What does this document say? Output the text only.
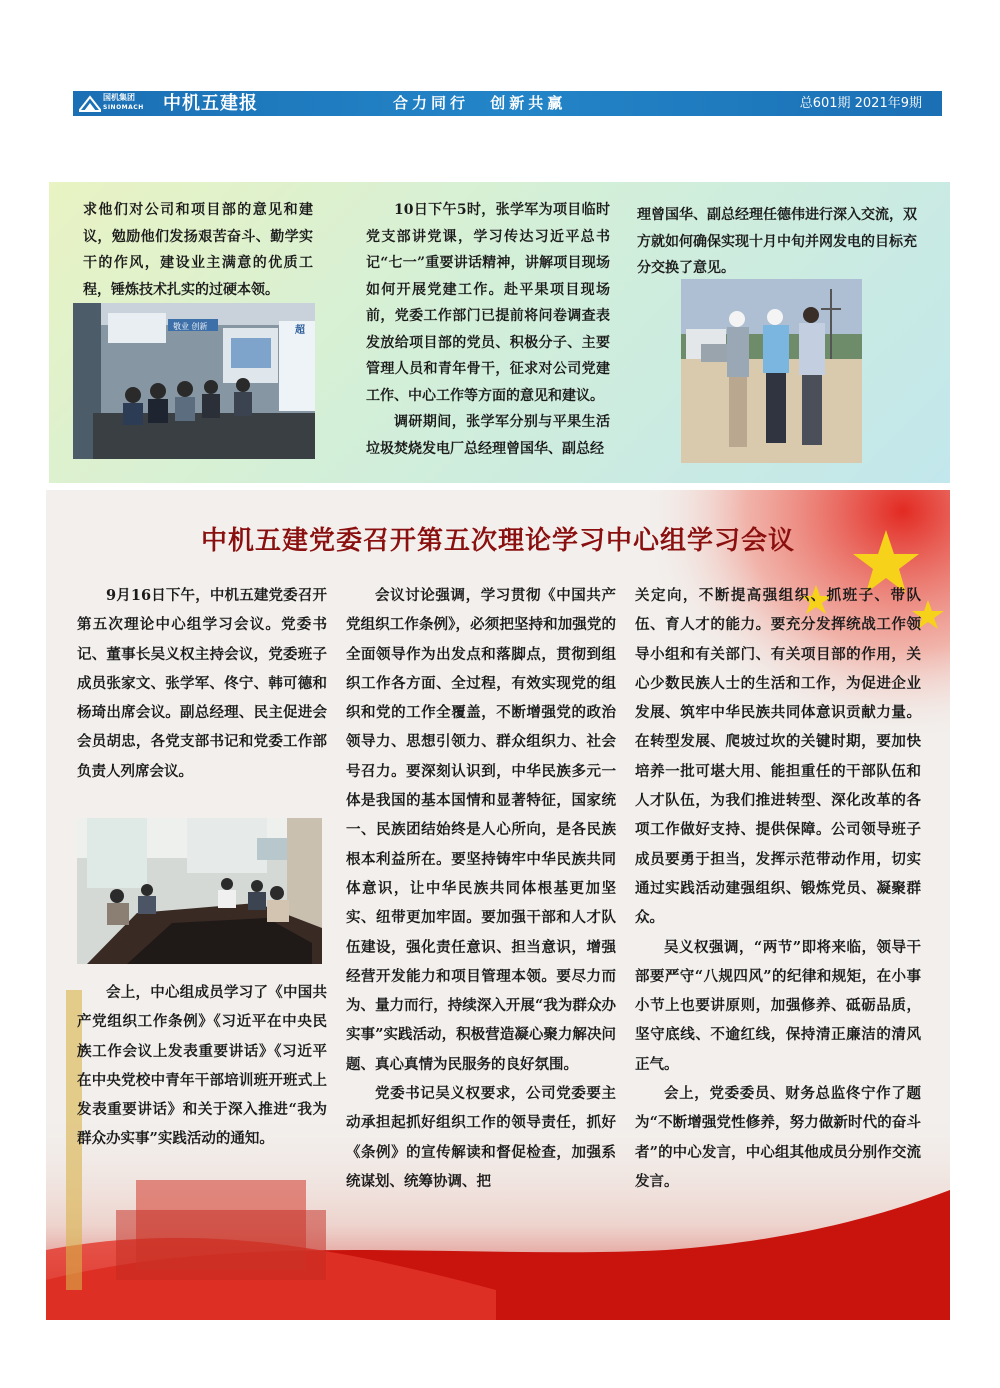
国机集团
SINOMACH 中机五建报	合力同行 创新共赢	总601期 2021年9期

求他们对公司和项目部的意见和建议，勉励他们发扬艰苦奋斗、勤学实干的作风，建设业主满意的优质工程，锤炼技术扎实的过硬本领。

敬业 创新	超

10日下午5时，张学军为项目临时党支部讲党课，学习传达习近平总书记“七一”重要讲话精神，讲解项目现场如何开展党建工作。赴平果项目现场前，党委工作部门已提前将问卷调查表发放给项目部的党员、积极分子、主要管理人员和青年骨干，征求对公司党建工作、中心工作等方面的意见和建议。

调研期间，张学军分别与平果生活垃圾焚烧发电厂总经理曾国华、副总经

理曾国华、副总经理任德伟进行深入交流，双方就如何确保实现十月中旬并网发电的目标充分交换了意见。

中机五建党委召开第五次理论学习中心组学习会议

9月16日下午，中机五建党委召开第五次理论中心组学习会议。党委书记、董事长吴义权主持会议，党委班子成员张家文、张学军、佟宁、韩可德和杨琦出席会议。副总经理、民主促进会会员胡忠，各党支部书记和党委工作部负责人列席会议。

会上，中心组成员学习了《中国共产党组织工作条例》《习近平在中央民族工作会议上发表重要讲话》《习近平在中央党校中青年干部培训班开班式上发表重要讲话》和关于深入推进“我为群众办实事”实践活动的通知。

会议讨论强调，学习贯彻《中国共产党组织工作条例》，必须把坚持和加强党的全面领导作为出发点和落脚点，贯彻到组织工作各方面、全过程，有效实现党的组织和党的工作全覆盖，不断增强党的政治领导力、思想引领力、群众组织力、社会号召力。要深刻认识到，中华民族多元一体是我国的基本国情和显著特征，国家统一、民族团结始终是人心所向，是各民族根本利益所在。要坚持铸牢中华民族共同体意识，让中华民族共同体根基更加坚实、纽带更加牢固。要加强干部和人才队伍建设，强化责任意识、担当意识，增强经营开发能力和项目管理本领。要尽力而为、量力而行，持续深入开展“我为群众办实事”实践活动，积极营造凝心聚力解决问题、真心真情为民服务的良好氛围。

党委书记吴义权要求，公司党委要主动承担起抓好组织工作的领导责任，抓好《条例》的宣传解读和督促检查，加强系统谋划、统筹协调、把

关定向，不断提高强组织、抓班子、带队伍、育人才的能力。要充分发挥统战工作领导小组和有关部门、有关项目部的作用，关心少数民族人士的生活和工作，为促进企业发展、筑牢中华民族共同体意识贡献力量。在转型发展、爬坡过坎的关键时期，要加快培养一批可堪大用、能担重任的干部队伍和人才队伍，为我们推进转型、深化改革的各项工作做好支持、提供保障。公司领导班子成员要勇于担当，发挥示范带动作用，切实通过实践活动建强组织、锻炼党员、凝聚群众。

吴义权强调，“两节”即将来临，领导干部要严守“八规四风”的纪律和规矩，在小事小节上也要讲原则，加强修养、砥砺品质，坚守底线、不逾红线，保持清正廉洁的清风正气。

会上，党委委员、财务总监佟宁作了题为“不断增强党性修养，努力做新时代的奋斗者”的中心发言，中心组其他成员分别作交流发言。
